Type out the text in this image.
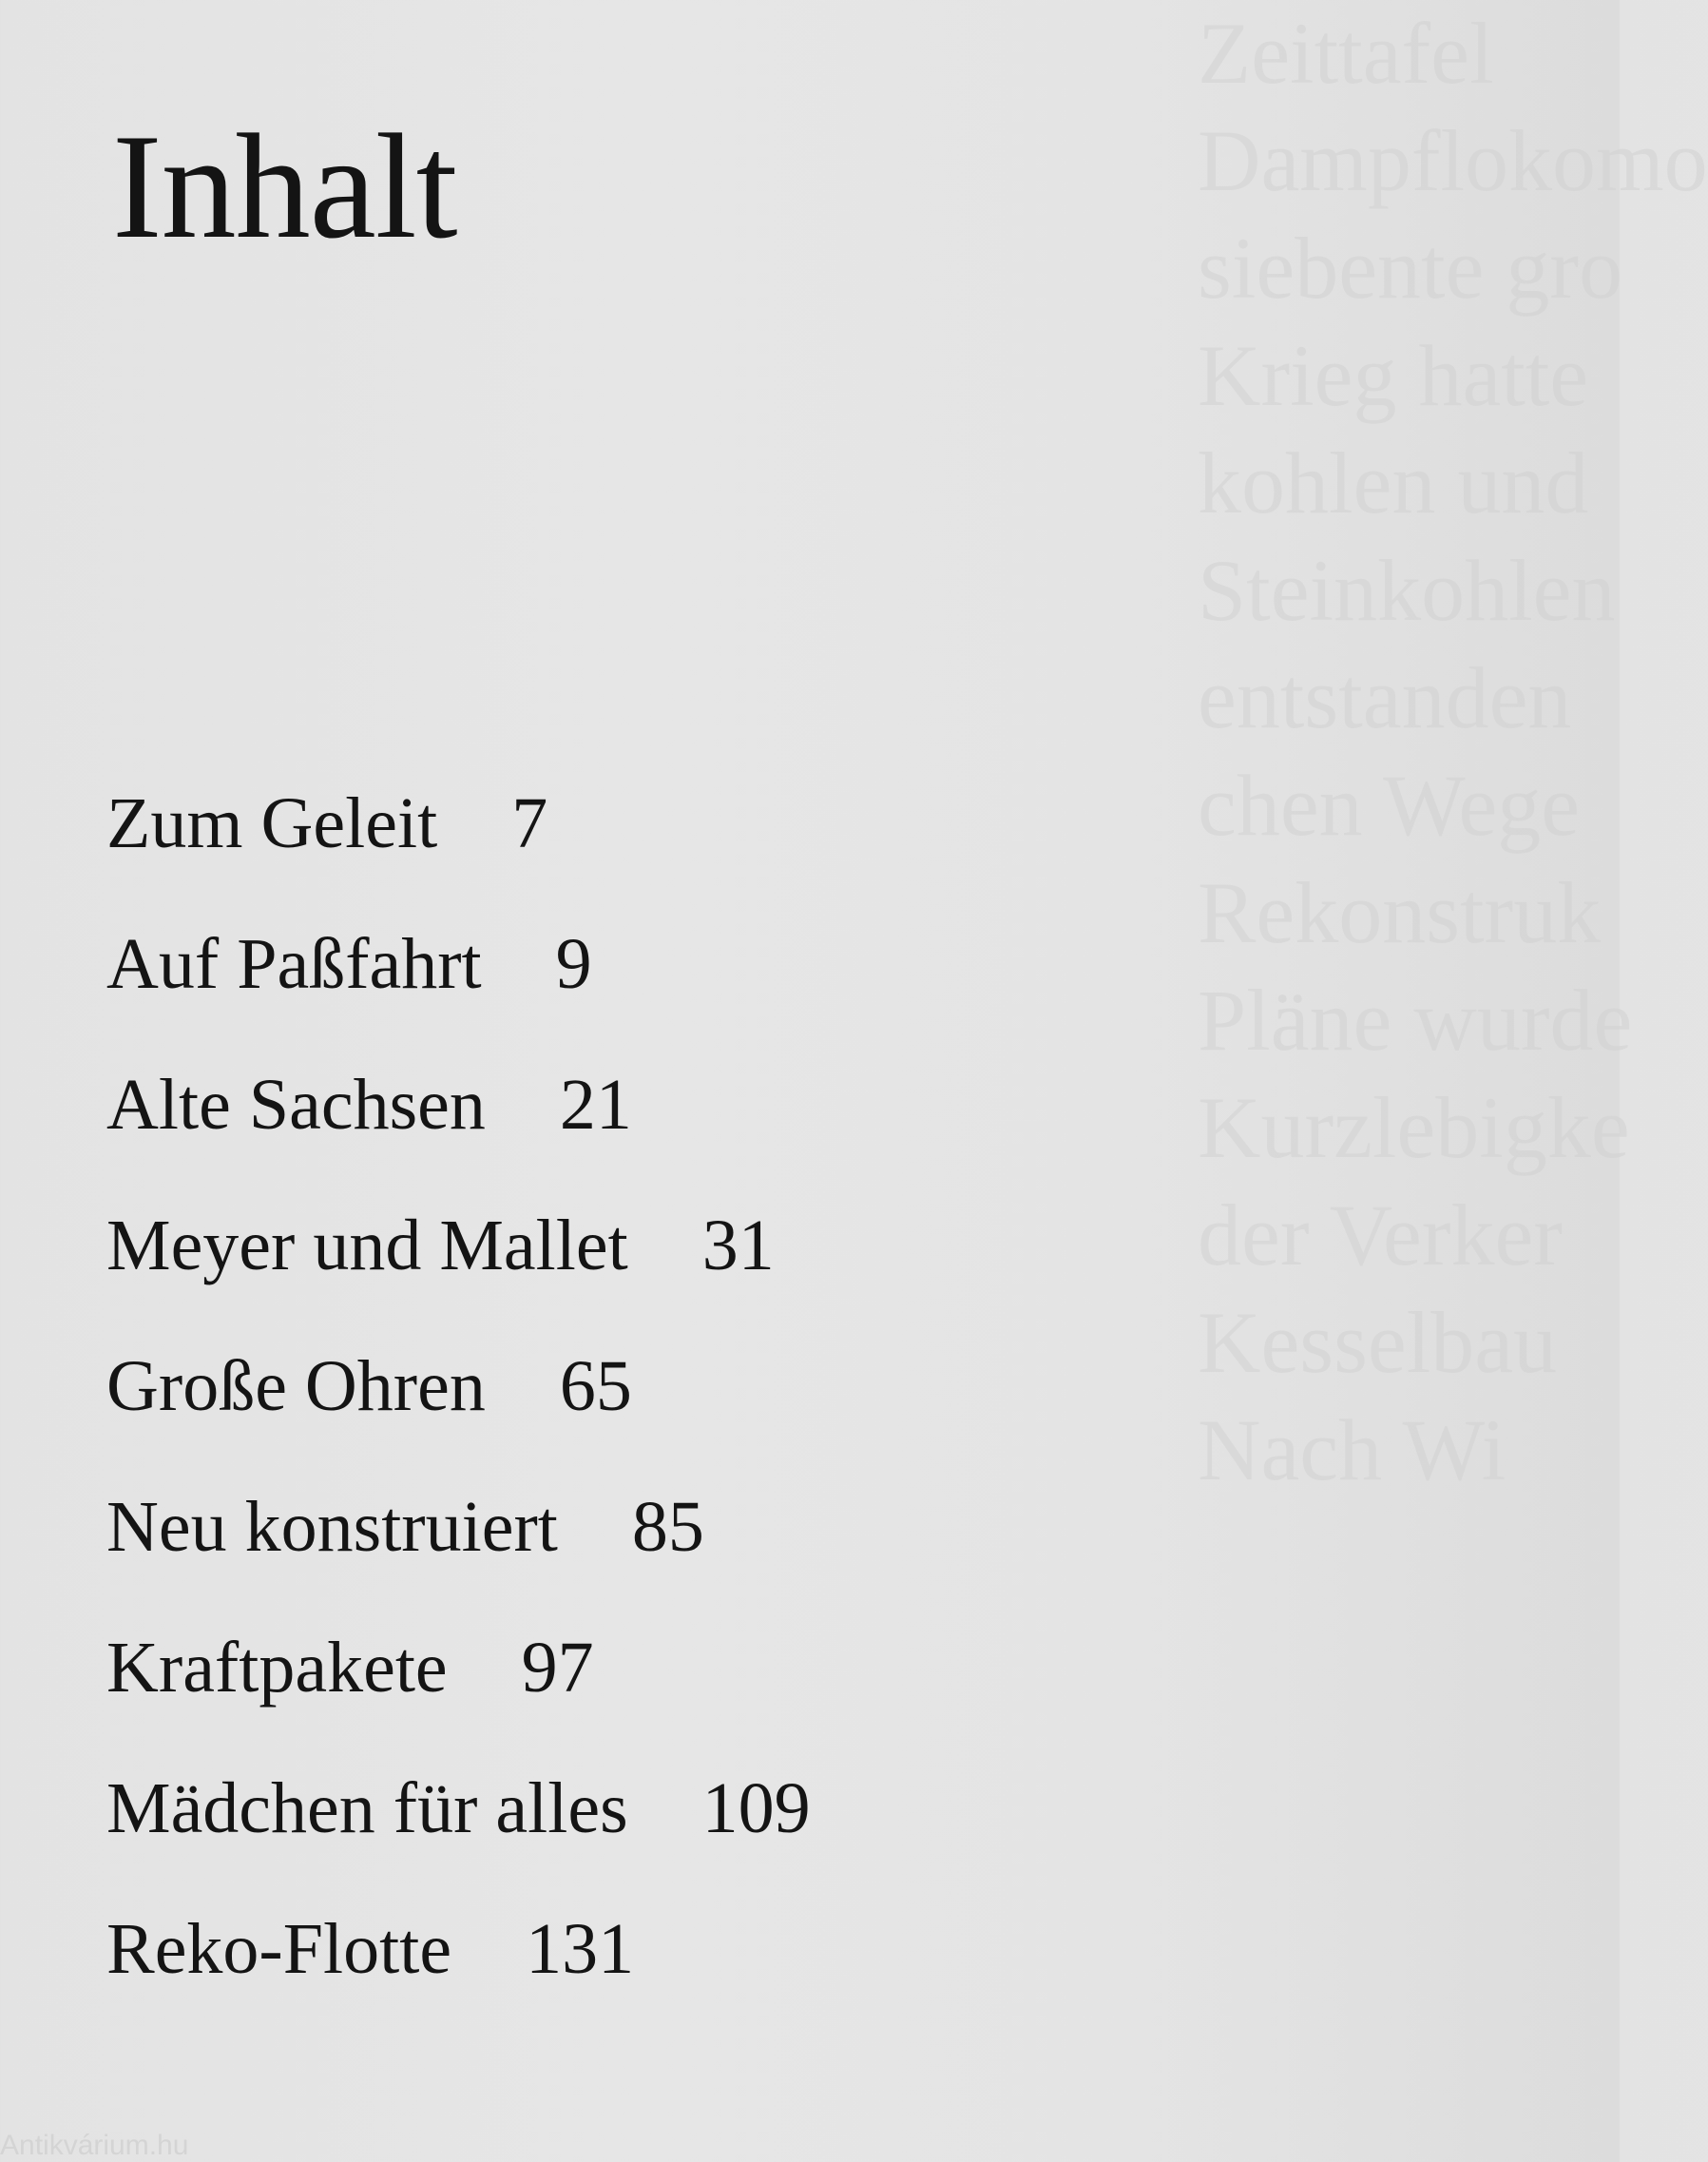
Zeittafel
Dampflokomo
siebente gro
Krieg hatte
kohlen und
Steinkohlen
entstanden
chen Wege
Rekonstruk
Pläne wurde
Kurzlebigke
der Verker
Kesselbau
Nach Wi
Inhalt
Zum Geleit 7
Auf Paßfahrt 9
Alte Sachsen 21
Meyer und Mallet 31
Große Ohren 65
Neu konstruiert 85
Kraftpakete 97
Mädchen für alles 109
Reko-Flotte 131
Antikvárium.hu
